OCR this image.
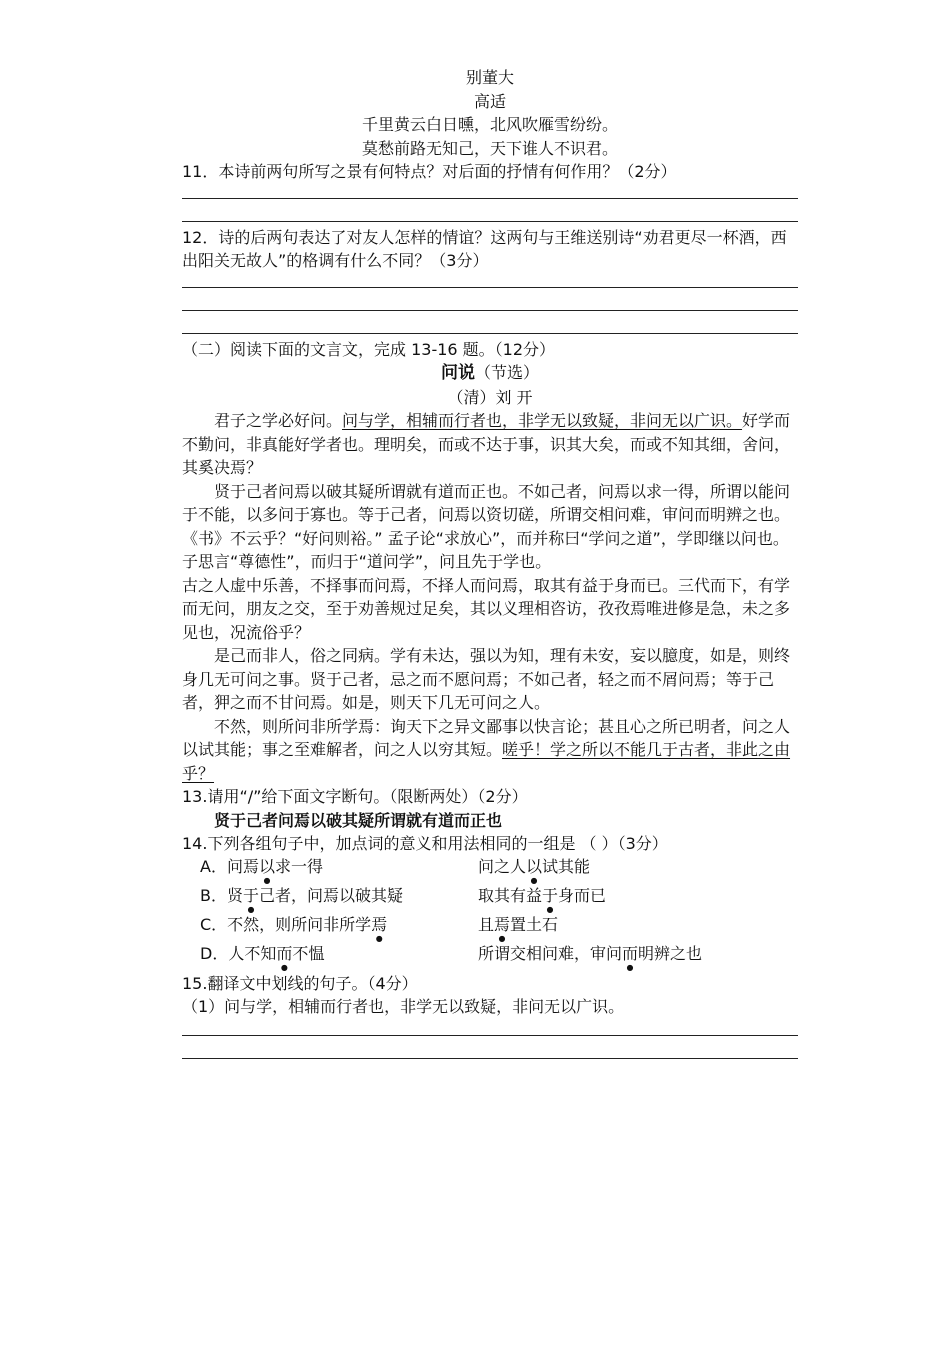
别董大

高适

千里黄云白日曛，北风吹雁雪纷纷。

莫愁前路无知己，天下谁人不识君。

11．本诗前两句所写之景有何特点？对后面的抒情有何作用？（2分）

12．诗的后两句表达了对友人怎样的情谊？这两句与王维送别诗“劝君更尽一杯酒，西出阳关无故人”的格调有什么不同？（3分）

（二）阅读下面的文言文，完成 13-16 题。（12分）

问说（节选）

（清）刘 开

君子之学必好问。问与学，相辅而行者也，非学无以致疑，非问无以广识。好学而不勤问，非真能好学者也。理明矣，而或不达于事，识其大矣，而或不知其细，舍问，其奚决焉？

贤于己者问焉以破其疑所谓就有道而正也。不如己者，问焉以求一得，所谓以能问于不能，以多问于寡也。等于己者，问焉以资切磋，所谓交相问难，审问而明辨之也。《书》不云乎？“好问则裕。” 孟子论“求放心”，而并称曰“学问之道”，学即继以问也。子思言“尊德性”，而归于“道问学”，问且先于学也。

古之人虚中乐善，不择事而问焉，不择人而问焉，取其有益于身而已。三代而下，有学而无问，朋友之交，至于劝善规过足矣，其以义理相咨访，孜孜焉唯进修是急，未之多见也，况流俗乎？

是己而非人，俗之同病。学有未达，强以为知，理有未安，妄以臆度，如是，则终身几无可问之事。贤于己者，忌之而不愿问焉；不如己者，轻之而不屑问焉；等于己者，狎之而不甘问焉。如是，则天下几无可问之人。

不然，则所问非所学焉：询天下之异文鄙事以快言论；甚且心之所已明者，问之人以试其能；事之至难解者，问之人以穷其短。嗟乎！学之所以不能几于古者，非此之由乎？

13.请用“/”给下面文字断句。（限断两处）（2分）

贤于己者问焉以破其疑所谓就有道而正也

14.下列各组句子中，加点词的意义和用法相同的一组是 （ ）（3分）

A．问焉以求一得	问之人以试其能
B．贤于己者，问焉以破其疑	取其有益于身而已
C．不然，则所问非所学焉	且焉置土石
D．人不知而不愠	所谓交相问难，审问而明辨之也

15.翻译文中划线的句子。（4分）

（1）问与学，相辅而行者也，非学无以致疑，非问无以广识。
